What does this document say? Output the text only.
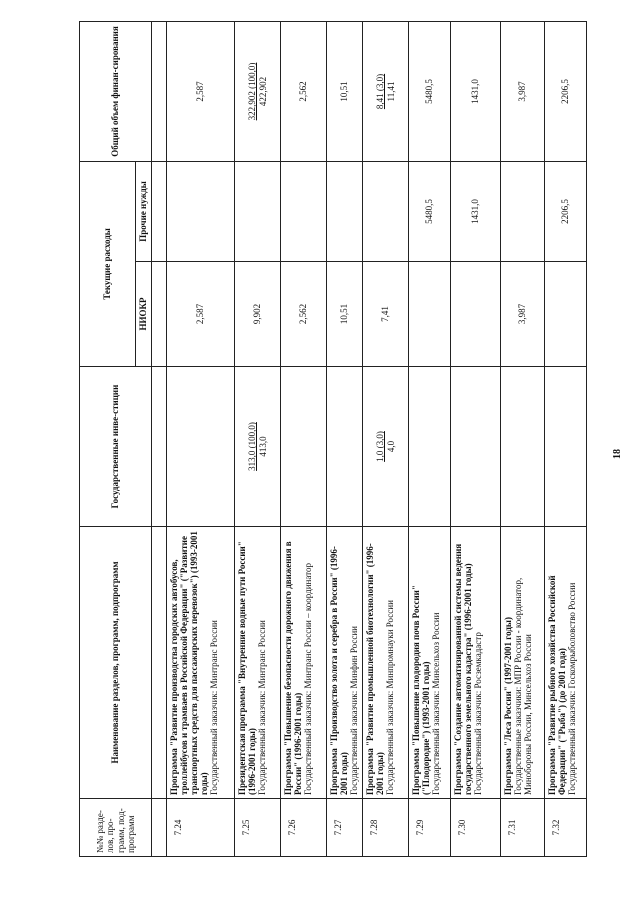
№№ разде-лов, про-грамм, под-программ	Наименование разделов, программ, подпрограмм	Государственные инве-стиции	Текущие расходы		Общий объем финан-сирования
			НИОКР	Прочие нужды	

7.24	Программа "Развитие производства городских автобусов, троллейбусов и трамваев в Российской Федерации" ("Развитие транспортных средств для пассажирских перевозок") (1993-2001 годы) Государственный заказчик: Минтранс России		2,587		2,587

7.25	Президентская программа "Внутренние водные пути России" (1996-2001 годы) Государственный заказчик: Минтранс России	313,0 (100,0) 413,0	9,902		322,902 (100,0) 422,902

7.26	Программа "Повышение безопасности дорожного движения в России" (1996-2001 годы) Государственный заказчик: Минтранс России – координатор		2,562		2,562

7.27	Программа "Производство золота и серебра в России" (1996-2001 годы) Государственный заказчик: Минфин России		10,51		10,51

7.28	Программа "Развитие промышленной биотехнологии" (1996-2001 годы) Государственный заказчик: Минпромнауки России	1,0 (3,0) 4,0	7,41		8,41 (3,0) 11,41

7.29	Программа "Повышение плодородия почв России" ("Плодородие") (1993-2001 годы) Государственный заказчик: Минсельхоз России			5480,5	5480,5

7.30	Программа "Создание автоматизированной системы ведения государственного земельного кадастра" (1996-2001 годы) Государственный заказчик: Росземкадастр			1431,0	1431,0

7.31	Программа "Леса России" (1997-2001 годы) Государственные заказчики: МПР России - координатор, Минобороны России, Минсельхоз России		3,987		3,987

7.32	Программа "Развитие рыбного хозяйства Российской Федерации" ("Рыба") (до 2001 года) Государственный заказчик: Госкомрыболовство России			2206,5	2206,5
18
